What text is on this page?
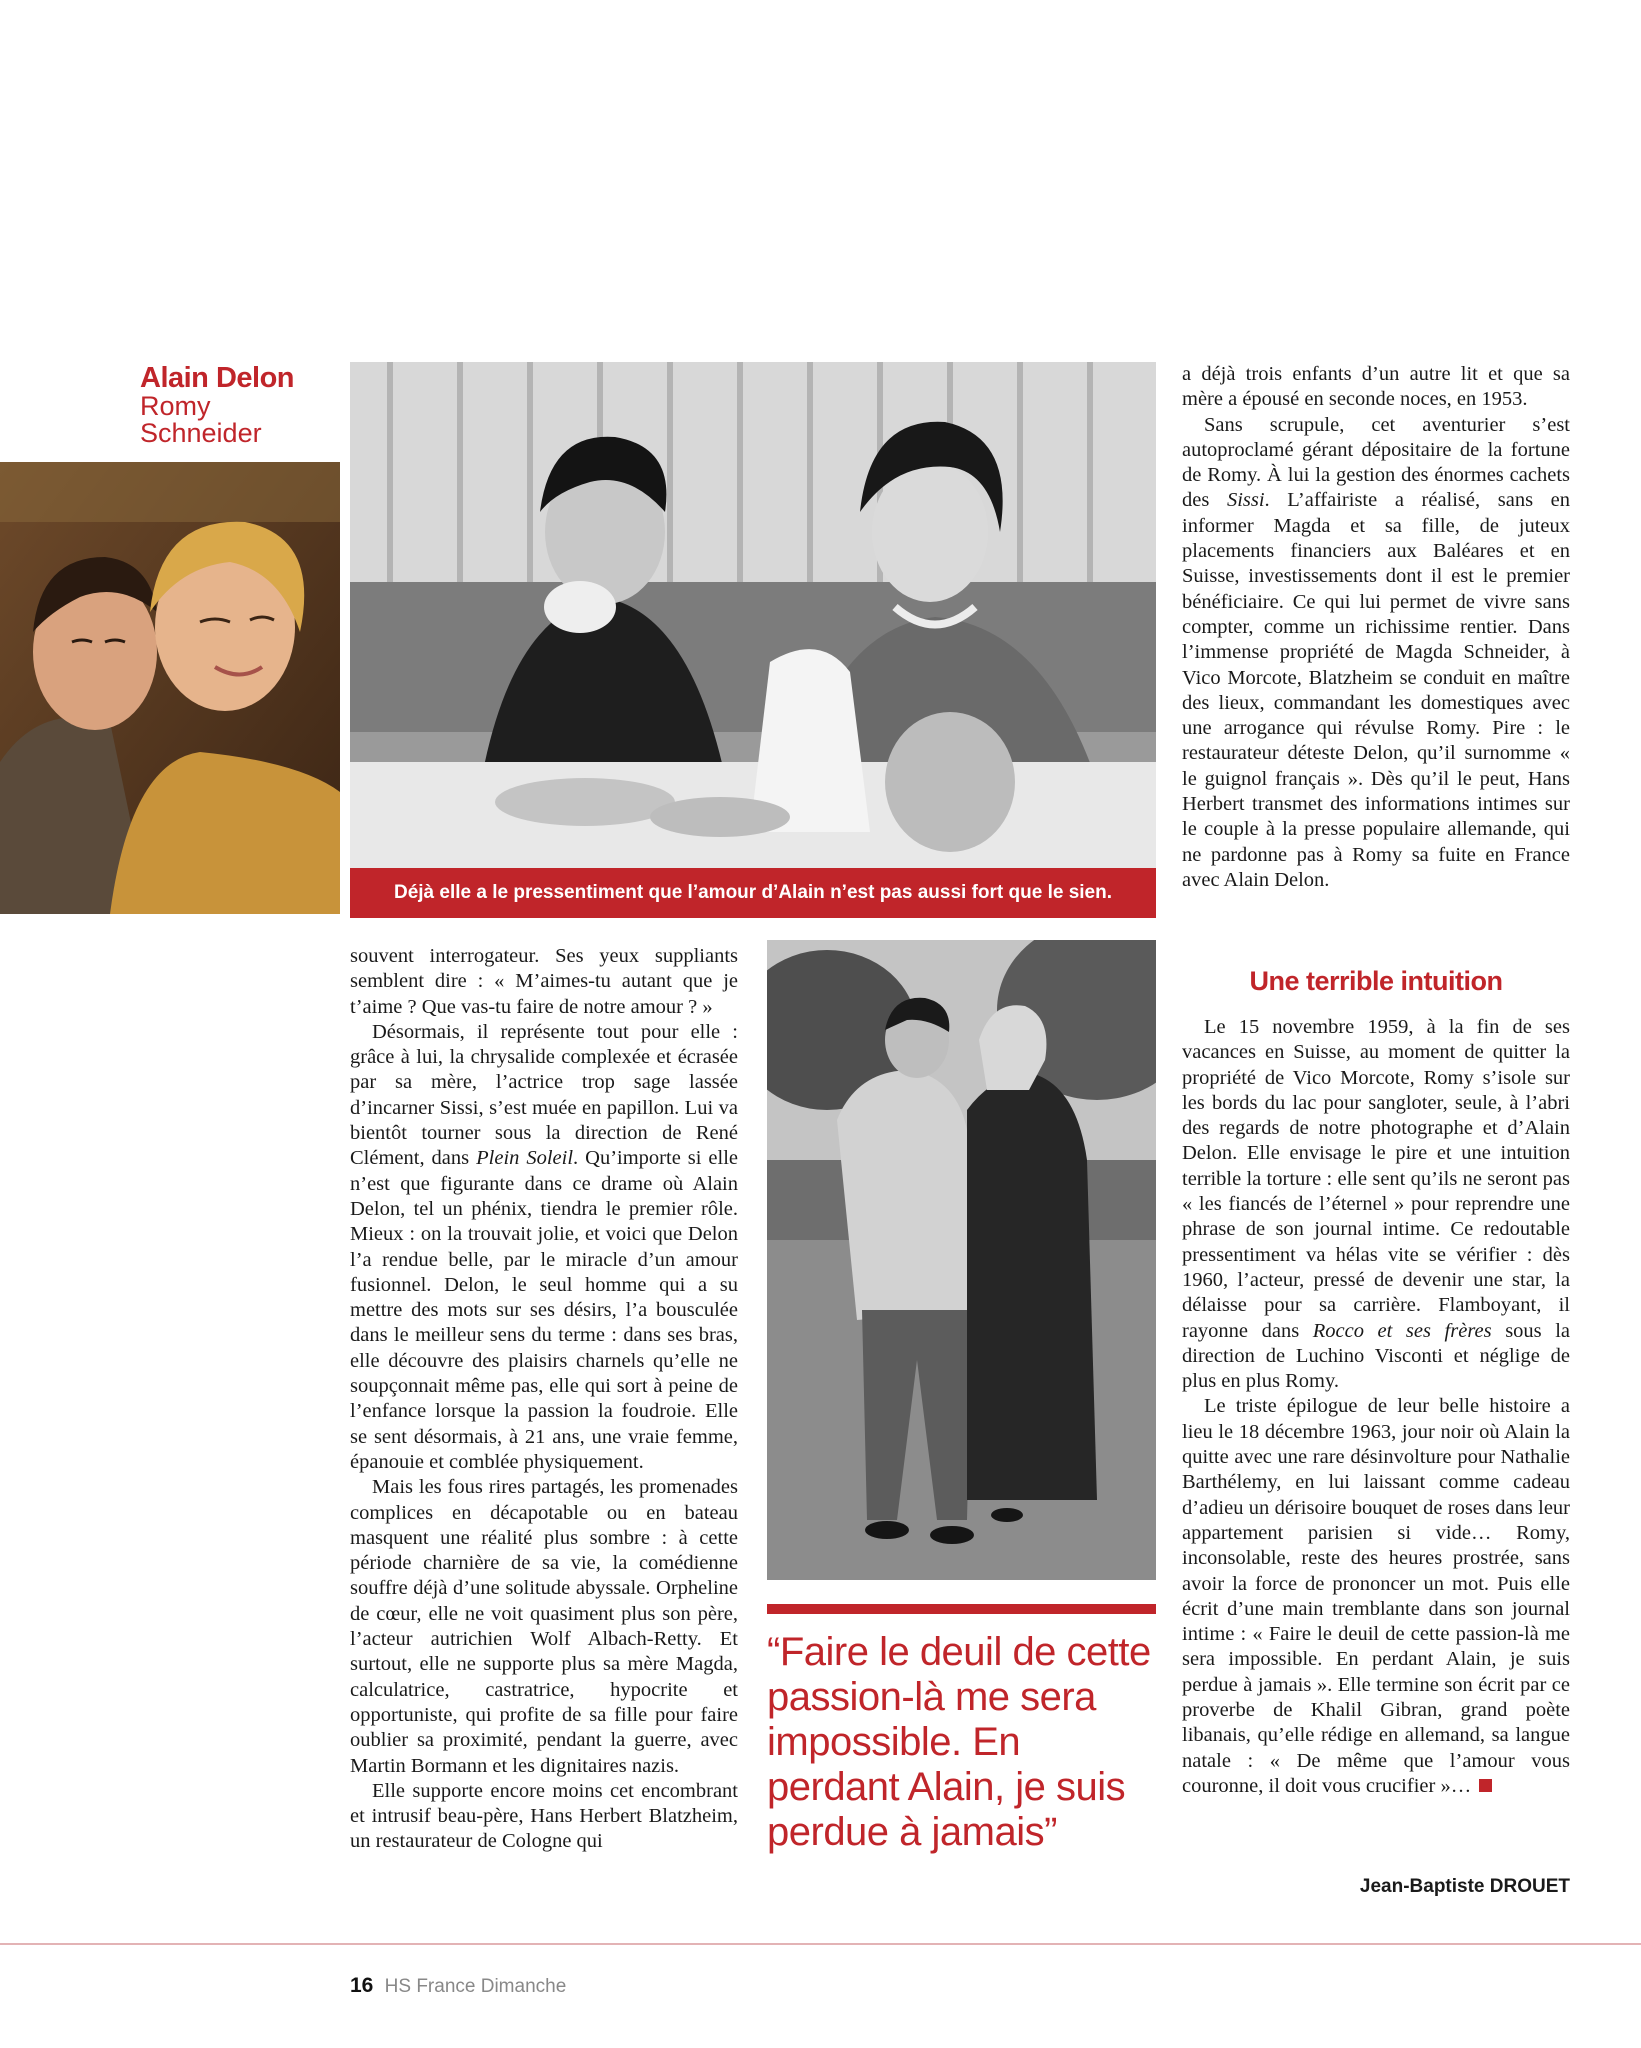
Alain Delon
Romy
Schneider
Déjà elle a le pressentiment que l’amour d’Alain n’est pas aussi fort que le sien.

souvent interrogateur. Ses yeux suppliants semblent dire : « M’aimes-tu autant que je t’aime ? Que vas-tu faire de notre amour ? »

Désormais, il représente tout pour elle : grâce à lui, la chrysalide complexée et écrasée par sa mère, l’actrice trop sage lassée d’incarner Sissi, s’est muée en papillon. Lui va bientôt tourner sous la direction de René Clément, dans Plein Soleil. Qu’importe si elle n’est que figurante dans ce drame où Alain Delon, tel un phénix, tiendra le premier rôle. Mieux : on la trouvait jolie, et voici que Delon l’a rendue belle, par le miracle d’un amour fusionnel. Delon, le seul homme qui a su mettre des mots sur ses désirs, l’a bousculée dans le meilleur sens du terme : dans ses bras, elle découvre des plaisirs charnels qu’elle ne soupçonnait même pas, elle qui sort à peine de l’enfance lorsque la passion la foudroie. Elle se sent désormais, à 21 ans, une vraie femme, épanouie et comblée physiquement.

Mais les fous rires partagés, les promenades complices en décapotable ou en bateau masquent une réalité plus sombre : à cette période charnière de sa vie, la comédienne souffre déjà d’une solitude abyssale. Orpheline de cœur, elle ne voit quasiment plus son père, l’acteur autrichien Wolf Albach-Retty. Et surtout, elle ne supporte plus sa mère Magda, calculatrice, castratrice, hypocrite et opportuniste, qui profite de sa fille pour faire oublier sa proximité, pendant la guerre, avec Martin Bormann et les dignitaires nazis.

Elle supporte encore moins cet encombrant et intrusif beau-père, Hans Herbert Blatzheim, un restaurateur de Cologne qui

a déjà trois enfants d’un autre lit et que sa mère a épousé en seconde noces, en 1953.

Sans scrupule, cet aventurier s’est autoproclamé gérant dépositaire de la fortune de Romy. À lui la gestion des énormes cachets des Sissi. L’affairiste a réalisé, sans en informer Magda et sa fille, de juteux placements financiers aux Baléares et en Suisse, investissements dont il est le premier bénéficiaire. Ce qui lui permet de vivre sans compter, comme un richissime rentier. Dans l’immense propriété de Magda Schneider, à Vico Morcote, Blatzheim se conduit en maître des lieux, commandant les domestiques avec une arrogance qui révulse Romy. Pire : le restaurateur déteste Delon, qu’il surnomme « le guignol français ». Dès qu’il le peut, Hans Herbert transmet des informations intimes sur le couple à la presse populaire allemande, qui ne pardonne pas à Romy sa fuite en France avec Alain Delon.

Une terrible intuition

Le 15 novembre 1959, à la fin de ses vacances en Suisse, au moment de quitter la propriété de Vico Morcote, Romy s’isole sur les bords du lac pour sangloter, seule, à l’abri des regards de notre photographe et d’Alain Delon. Elle envisage le pire et une intuition terrible la torture : elle sent qu’ils ne seront pas « les fiancés de l’éternel » pour reprendre une phrase de son journal intime. Ce redoutable pressentiment va hélas vite se vérifier : dès 1960, l’acteur, pressé de devenir une star, la délaisse pour sa carrière. Flamboyant, il rayonne dans Rocco et ses frères sous la direction de Luchino Visconti et néglige de plus en plus Romy.

Le triste épilogue de leur belle histoire a lieu le 18 décembre 1963, jour noir où Alain la quitte avec une rare désinvolture pour Nathalie Barthélemy, en lui laissant comme cadeau d’adieu un dérisoire bouquet de roses dans leur appartement parisien si vide… Romy, inconsolable, reste des heures prostrée, sans avoir la force de prononcer un mot. Puis elle écrit d’une main tremblante dans son journal intime : « Faire le deuil de cette passion-là me sera impossible. En perdant Alain, je suis perdue à jamais ». Elle termine son écrit par ce proverbe de Khalil Gibran, grand poète libanais, qu’elle rédige en allemand, sa langue natale : « De même que l’amour vous couronne, il doit vous crucifier »…

Jean-Baptiste DROUET
“Faire le deuil de cette passion-là me sera impossible. En perdant Alain, je suis perdue à jamais”
16 HS France Dimanche
